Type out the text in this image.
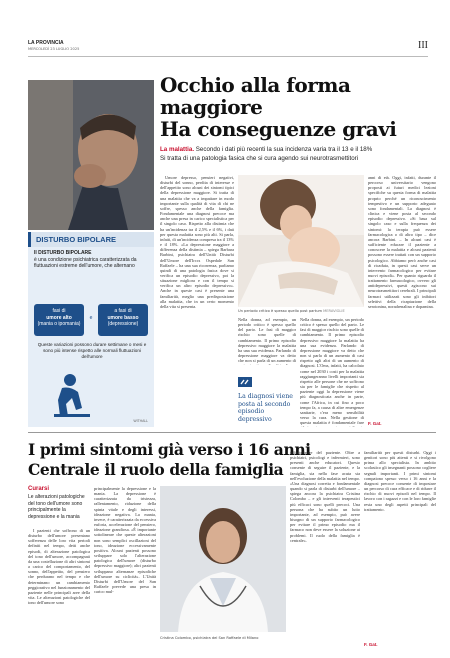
LA PROVINCIA
MERCOLEDÌ 23 LUGLIO 2025	III
Occhio alla forma maggiore
Ha conseguenze gravi
La malattia. Secondo i dati più recenti la sua incidenza varia tra il 13 e il 18%
Si tratta di una patologia fasica che si cura agendo sui neurotrasmettitori
DISTURBO BIPOLARE
Il DISTURBO BIPOLARE
è una condizione psichiatrica caratterizzata da fluttuazioni estreme dell'umore, che alternano
fasi di
umore alto
(mania o ipomania)
e
a fasi di
umore basso
(depressione)
Queste variazioni possono durare settimane o mesi e sono più intense rispetto alle normali fluttuazioni dell'umore
WITHALL

Umore depresso, pensieri negativi, disturbi del sonno, perdita di interesse e dell'appetito sono alcuni dei sintomi tipici della depressione maggiore. Si tratta di una malattia che va a impattare in modo importante sulla qualità di vita di chi ne soffre, spesso anche della famiglia. Fondamentale una diagnosi precoce ma anche una presa in carico specialistica per il singolo caso. Rispetto alla distimia che ha un'incidenza tra il 2,5% e il 6%, i dati per questa malattia sono più alti. Si parla, infatti, di un'incidenza compresa tra il 13% e il 18%. «La depressione maggiore a differenza della distimia – spiega Barbara Barbini, psichiatra dell'Unità Disturbi dell'Umore dell'Irccs Ospedale San Raffaele – ha una sua ricorrenza, parliamo quindi di una patologia fasica dove si verifica un episodio depressivo, poi la situazione migliora e con il tempo si verifica un altro episodio depressivo». Anche in queste casi è presente una familiarità, meglio una predisposizione alla malattia, che in un certo momento della vita si presenta.

Un periodo critico è spesso quello post partum MERAVIGLIE

Nella donna, ad esempio, un periodo critico è spesso quello del parto. Le fasi di maggior rischio sono quelle di cambiamento. Il primo episodio depressivo maggiore la malattia ha una sua evidenza. Parlando di depressione maggiore va detto che non si parla di un aumento di

Nella donna, ad esempio, un periodo critico è spesso quello del parto. Le fasi di maggior rischio sono quelle di cambiamento. Il primo episodio depressivo maggiore la malattia ha una sua evidenza. Parlando di depressione maggiore va detto che non si parla di un aumento di casi rispetto agli altri di un aumento di diagnosi. L'Oms, infatti, ha calcolato come nel 2030 i costi per la malattia raggiungeranno livelli importanti sia rispetto alle persone che ne soffrono sia per le famiglie che rispetto al paziente oggi la depressione viene più diagnosticata anche in parte, come l'Africa, in cui fino a poco tempo fa, a causa di altre emergenze sanitarie, c'era meno sensibilità verso la cura. Nella gestione di questa malattia è fondamentale fare

La diagnosi viene posta al secondo episodio depressivo

anni di età. Oggi, infatti, durante il percorso universitario vengono proposti ai futuri medici lezioni specifiche su questa forma di malattia proprio perché un riconoscimento tempestivo e un supporto adeguato sono fondamentali. La diagnosi è clinica e viene posta al secondo episodio depressivo. «Si basa sul singolo caso e sulla frequenza dei sintomi: la terapia può essere farmacologica o di altro tipo – dice ancora Barbini. – In alcuni casi è sufficiente educare il paziente a conoscere la malattia e alcuni pazienti possono essere trattati con un supporto psicologico. Abbiamo però anche casi di ricaduta, in questi casi serve un intervento farmacologico per evitare nuovi episodi». Per quanto riguarda il trattamento farmacologico, ovvero gli antidepressivi, questi agiscono sui neurotrasmettitori cerebrali. I principali farmaci utilizzati sono gli inibitori selettivi della ricaptazione della serotonina, noradrenalina e dopamina.

F. Gat.
I primi sintomi già verso i 16 anni
Centrale il ruolo della famiglia
Curarsi
Le alterazioni patologiche del tono dell'umore sono principalmente la depressione e la mania

I pazienti che soffrono di un disturbo dell'umore presentano sofferenza delle loro vita periodi definiti nel tempo, detti anche episodi, di alterazione patologica del tono dell'umore, accompagnati da una costellazione di altri sintomi a carico del comportamento, del sonno, dell'appetito, del pensiero che perdurano nel tempo e che determinano un cambiamento peggiorativo nel funzionamento del paziente nelle principali aree della vita. Le alterazioni patologiche del tono dell'umore sono

principalmente la depressione e la mania. La depressione è caratterizzata da tristezza, rallentamento, riduzione della spinta vitale e degli interessi, ideazione negativa. La mania, invece, è caratterizzata da eccessiva euforia, accelerazione del pensiero, ideazione grandiosa. «È importante sottolineare che queste alterazioni non sono semplici oscillazioni del tono, ideazione eccessivamente positiva. Alcuni pazienti possono sviluppare solo l'alterazione patologica dell'umore (disturbo depressivo maggiore); altri pazienti sviluppano alternanze episodiche dell'umore su ciclicità». L'Unità Disturbi dell'Umore del San Raffaele prevede una presa in carico mul-

Cristina Colombo, psichiatra del San Raffaele di Milano

tidisciplinare del paziente. Oltre a psichiatri, psicologi e infermieri, sono presenti anche educatori. Questo consente di seguire il paziente, e la famiglia, sia nella fase acuta sia nell'evoluzione della malattia nel tempo. «Una diagnosi corretta e fondamentale quando si parla di disturbi dell'umore – spiega ancora la psichiatra Cristina Colombo – e gli interventi terapeutici più efficaci sono quelli precoci. Una persona che ha subito un lutto importante, ad esempio, può avere bisogno di un supporto farmacologico per evitare il primo episodio ma il farmaco non deve essere la soluzione ai problemi. Il ruolo della famiglia è centrale».

familiarità per questi disturbi. Oggi i genitori sono più attenti e si rivolgono prima allo specialista. In ambito scolastico gli insegnanti possono cogliere segnali importanti. I primi sintomi compaiono spesso verso i 16 anni e la diagnosi precoce consente di impostare un percorso di cura efficace e di ridurre il rischio di nuovi episodi nel tempo. Il lavoro con i ragazzi e con le loro famiglie resta uno degli aspetti principali del trattamento.

F. Gat.
